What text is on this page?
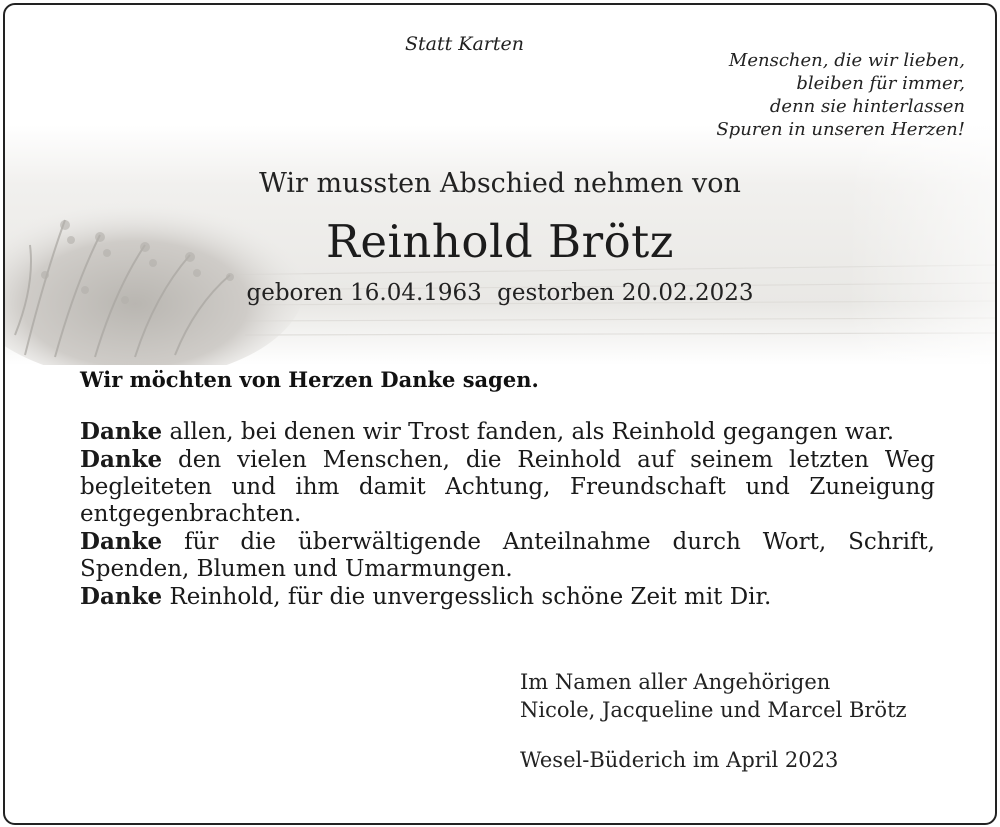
Statt Karten
Menschen, die wir lieben,
bleiben für immer,
denn sie hinterlassen
Spuren in unseren Herzen!
Wir mussten Abschied nehmen von
Reinhold Brötz
geboren 16.04.1963 gestorben 20.02.2023
Wir möchten von Herzen Danke sagen.

Danke allen, bei denen wir Trost fanden, als Reinhold gegangen war.

Danke den vielen Menschen, die Reinhold auf seinem letzten Weg begleiteten und ihm damit Achtung, Freundschaft und Zuneigung entgegenbrachten.

Danke für die überwältigende Anteilnahme durch Wort, Schrift, Spenden, Blumen und Umarmungen.

Danke Reinhold, für die unvergesslich schöne Zeit mit Dir.

Im Namen aller Angehörigen
Nicole, Jacqueline und Marcel Brötz
Wesel-Büderich im April 2023
